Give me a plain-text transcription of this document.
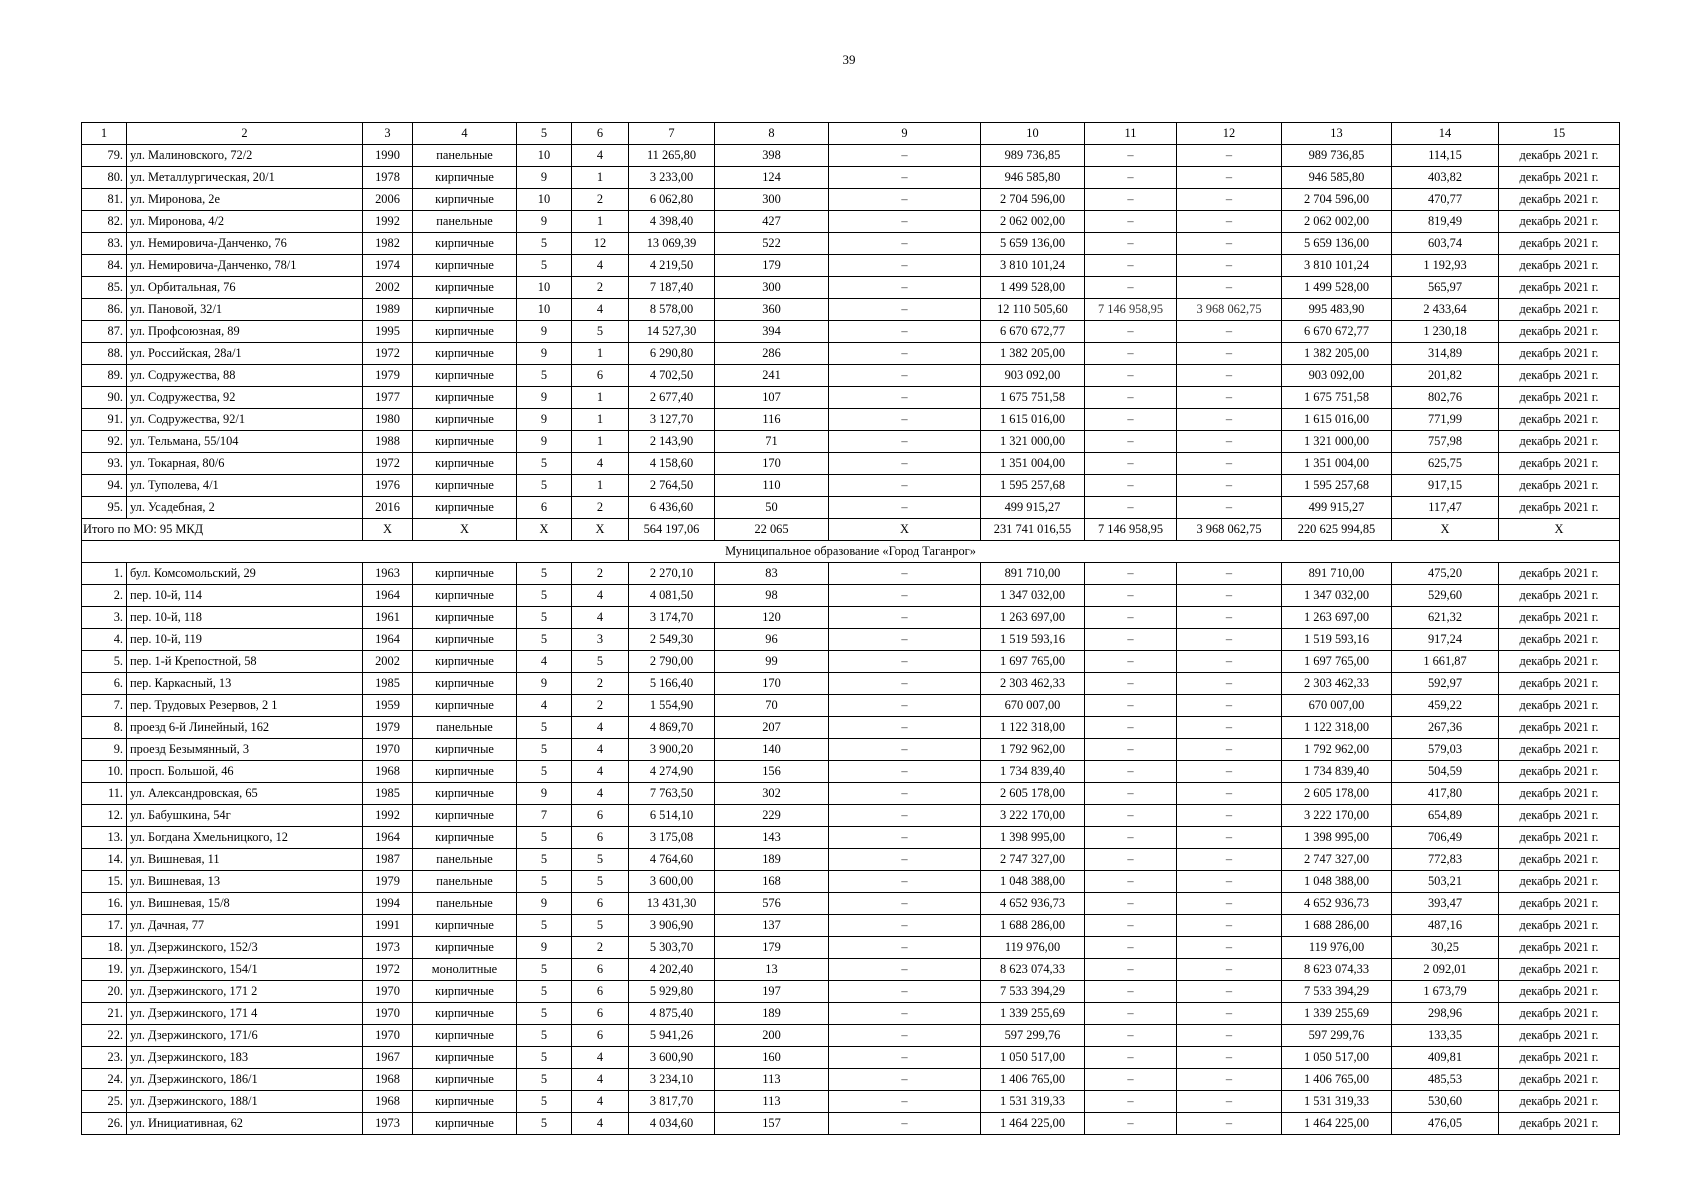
39
1	2	3	4	5	6	7	8	9	10	11	12	13	14	15
79.	ул. Малиновского, 72/2	1990	панельные	10	4	11 265,80	398	–	989 736,85	–	–	989 736,85	114,15	декабрь 2021 г.
80.	ул. Металлургическая, 20/1	1978	кирпичные	9	1	3 233,00	124	–	946 585,80	–	–	946 585,80	403,82	декабрь 2021 г.
81.	ул. Миронова, 2е	2006	кирпичные	10	2	6 062,80	300	–	2 704 596,00	–	–	2 704 596,00	470,77	декабрь 2021 г.
82.	ул. Миронова, 4/2	1992	панельные	9	1	4 398,40	427	–	2 062 002,00	–	–	2 062 002,00	819,49	декабрь 2021 г.
83.	ул. Немировича-Данченко, 76	1982	кирпичные	5	12	13 069,39	522	–	5 659 136,00	–	–	5 659 136,00	603,74	декабрь 2021 г.
84.	ул. Немировича-Данченко, 78/1	1974	кирпичные	5	4	4 219,50	179	–	3 810 101,24	–	–	3 810 101,24	1 192,93	декабрь 2021 г.
85.	ул. Орбитальная, 76	2002	кирпичные	10	2	7 187,40	300	–	1 499 528,00	–	–	1 499 528,00	565,97	декабрь 2021 г.
86.	ул. Пановой, 32/1	1989	кирпичные	10	4	8 578,00	360	–	12 110 505,60	7 146 958,95	3 968 062,75	995 483,90	2 433,64	декабрь 2021 г.
87.	ул. Профсоюзная, 89	1995	кирпичные	9	5	14 527,30	394	–	6 670 672,77	–	–	6 670 672,77	1 230,18	декабрь 2021 г.
88.	ул. Российская, 28а/1	1972	кирпичные	9	1	6 290,80	286	–	1 382 205,00	–	–	1 382 205,00	314,89	декабрь 2021 г.
89.	ул. Содружества, 88	1979	кирпичные	5	6	4 702,50	241	–	903 092,00	–	–	903 092,00	201,82	декабрь 2021 г.
90.	ул. Содружества, 92	1977	кирпичные	9	1	2 677,40	107	–	1 675 751,58	–	–	1 675 751,58	802,76	декабрь 2021 г.
91.	ул. Содружества, 92/1	1980	кирпичные	9	1	3 127,70	116	–	1 615 016,00	–	–	1 615 016,00	771,99	декабрь 2021 г.
92.	ул. Тельмана, 55/104	1988	кирпичные	9	1	2 143,90	71	–	1 321 000,00	–	–	1 321 000,00	757,98	декабрь 2021 г.
93.	ул. Токарная, 80/6	1972	кирпичные	5	4	4 158,60	170	–	1 351 004,00	–	–	1 351 004,00	625,75	декабрь 2021 г.
94.	ул. Туполева, 4/1	1976	кирпичные	5	1	2 764,50	110	–	1 595 257,68	–	–	1 595 257,68	917,15	декабрь 2021 г.
95.	ул. Усадебная, 2	2016	кирпичные	6	2	6 436,60	50	–	499 915,27	–	–	499 915,27	117,47	декабрь 2021 г.
Итого по МО: 95 МКД		Х	Х	Х	Х	564 197,06	22 065	Х	231 741 016,55	7 146 958,95	3 968 062,75	220 625 994,85	Х	Х
Муниципальное образование «Город Таганрог»														
1.	бул. Комсомольский, 29	1963	кирпичные	5	2	2 270,10	83	–	891 710,00	–	–	891 710,00	475,20	декабрь 2021 г.
2.	пер. 10-й, 114	1964	кирпичные	5	4	4 081,50	98	–	1 347 032,00	–	–	1 347 032,00	529,60	декабрь 2021 г.
3.	пер. 10-й, 118	1961	кирпичные	5	4	3 174,70	120	–	1 263 697,00	–	–	1 263 697,00	621,32	декабрь 2021 г.
4.	пер. 10-й, 119	1964	кирпичные	5	3	2 549,30	96	–	1 519 593,16	–	–	1 519 593,16	917,24	декабрь 2021 г.
5.	пер. 1-й Крепостной, 58	2002	кирпичные	4	5	2 790,00	99	–	1 697 765,00	–	–	1 697 765,00	1 661,87	декабрь 2021 г.
6.	пер. Каркасный, 13	1985	кирпичные	9	2	5 166,40	170	–	2 303 462,33	–	–	2 303 462,33	592,97	декабрь 2021 г.
7.	пер. Трудовых Резервов, 2 1	1959	кирпичные	4	2	1 554,90	70	–	670 007,00	–	–	670 007,00	459,22	декабрь 2021 г.
8.	проезд 6-й Линейный, 162	1979	панельные	5	4	4 869,70	207	–	1 122 318,00	–	–	1 122 318,00	267,36	декабрь 2021 г.
9.	проезд Безымянный, 3	1970	кирпичные	5	4	3 900,20	140	–	1 792 962,00	–	–	1 792 962,00	579,03	декабрь 2021 г.
10.	просп. Большой, 46	1968	кирпичные	5	4	4 274,90	156	–	1 734 839,40	–	–	1 734 839,40	504,59	декабрь 2021 г.
11.	ул. Александровская, 65	1985	кирпичные	9	4	7 763,50	302	–	2 605 178,00	–	–	2 605 178,00	417,80	декабрь 2021 г.
12.	ул. Бабушкина, 54г	1992	кирпичные	7	6	6 514,10	229	–	3 222 170,00	–	–	3 222 170,00	654,89	декабрь 2021 г.
13.	ул. Богдана Хмельницкого, 12	1964	кирпичные	5	6	3 175,08	143	–	1 398 995,00	–	–	1 398 995,00	706,49	декабрь 2021 г.
14.	ул. Вишневая, 11	1987	панельные	5	5	4 764,60	189	–	2 747 327,00	–	–	2 747 327,00	772,83	декабрь 2021 г.
15.	ул. Вишневая, 13	1979	панельные	5	5	3 600,00	168	–	1 048 388,00	–	–	1 048 388,00	503,21	декабрь 2021 г.
16.	ул. Вишневая, 15/8	1994	панельные	9	6	13 431,30	576	–	4 652 936,73	–	–	4 652 936,73	393,47	декабрь 2021 г.
17.	ул. Дачная, 77	1991	кирпичные	5	5	3 906,90	137	–	1 688 286,00	–	–	1 688 286,00	487,16	декабрь 2021 г.
18.	ул. Дзержинского, 152/3	1973	кирпичные	9	2	5 303,70	179	–	119 976,00	–	–	119 976,00	30,25	декабрь 2021 г.
19.	ул. Дзержинского, 154/1	1972	монолитные	5	6	4 202,40	13	–	8 623 074,33	–	–	8 623 074,33	2 092,01	декабрь 2021 г.
20.	ул. Дзержинского, 171 2	1970	кирпичные	5	6	5 929,80	197	–	7 533 394,29	–	–	7 533 394,29	1 673,79	декабрь 2021 г.
21.	ул. Дзержинского, 171 4	1970	кирпичные	5	6	4 875,40	189	–	1 339 255,69	–	–	1 339 255,69	298,96	декабрь 2021 г.
22.	ул. Дзержинского, 171/6	1970	кирпичные	5	6	5 941,26	200	–	597 299,76	–	–	597 299,76	133,35	декабрь 2021 г.
23.	ул. Дзержинского, 183	1967	кирпичные	5	4	3 600,90	160	–	1 050 517,00	–	–	1 050 517,00	409,81	декабрь 2021 г.
24.	ул. Дзержинского, 186/1	1968	кирпичные	5	4	3 234,10	113	–	1 406 765,00	–	–	1 406 765,00	485,53	декабрь 2021 г.
25.	ул. Дзержинского, 188/1	1968	кирпичные	5	4	3 817,70	113	–	1 531 319,33	–	–	1 531 319,33	530,60	декабрь 2021 г.
26.	ул. Инициативная, 62	1973	кирпичные	5	4	4 034,60	157	–	1 464 225,00	–	–	1 464 225,00	476,05	декабрь 2021 г.
